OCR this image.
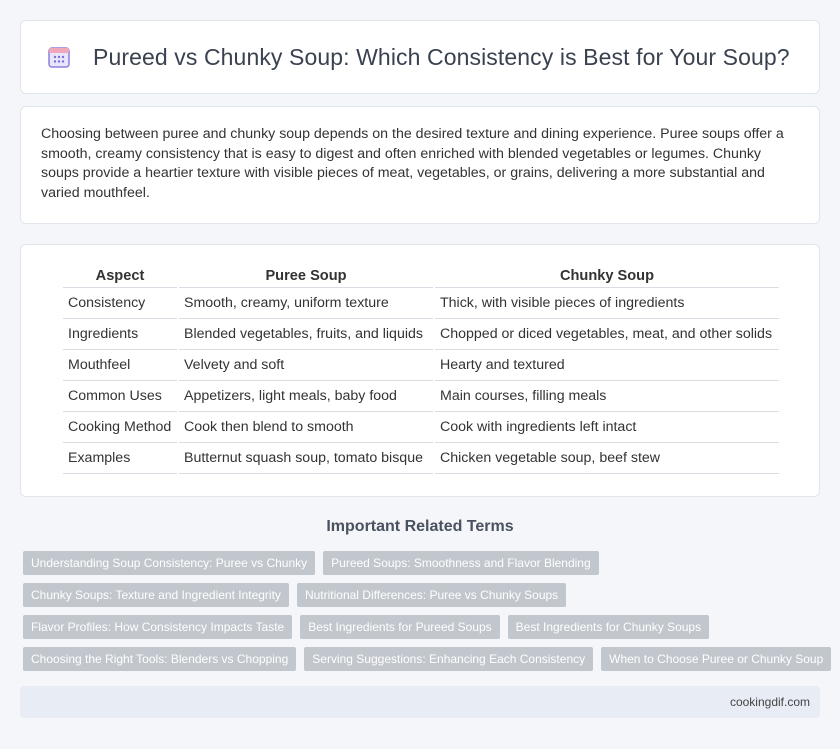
Pureed vs Chunky Soup: Which Consistency is Best for Your Soup?

Choosing between puree and chunky soup depends on the desired texture and dining experience. Puree soups offer a smooth, creamy consistency that is easy to digest and often enriched with blended vegetables or legumes. Chunky soups provide a heartier texture with visible pieces of meat, vegetables, or grains, delivering a more substantial and varied mouthfeel.

Aspect	Puree Soup	Chunky Soup
Consistency	Smooth, creamy, uniform texture	Thick, with visible pieces of ingredients
Ingredients	Blended vegetables, fruits, and liquids	Chopped or diced vegetables, meat, and other solids
Mouthfeel	Velvety and soft	Hearty and textured
Common Uses	Appetizers, light meals, baby food	Main courses, filling meals
Cooking Method	Cook then blend to smooth	Cook with ingredients left intact
Examples	Butternut squash soup, tomato bisque	Chicken vegetable soup, beef stew
Important Related Terms
Understanding Soup Consistency: Puree vs Chunky	Pureed Soups: Smoothness and Flavor Blending
Chunky Soups: Texture and Ingredient Integrity	Nutritional Differences: Puree vs Chunky Soups
Flavor Profiles: How Consistency Impacts Taste	Best Ingredients for Pureed Soups	Best Ingredients for Chunky Soups
Choosing the Right Tools: Blenders vs Chopping	Serving Suggestions: Enhancing Each Consistency	When to Choose Puree or Chunky Soup
cookingdif.com
